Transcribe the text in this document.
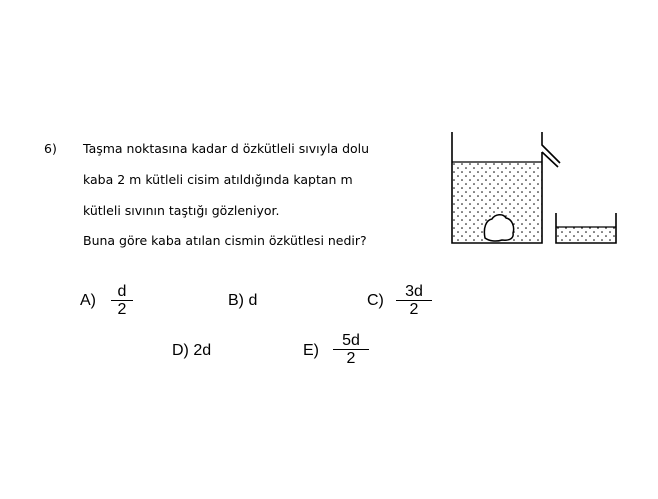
6) Taşma noktasına kadar d özkütleli sıvıyla dolu
kaba 2 m kütleli cisim atıldığında kaptan m
kütleli sıvının taştığı gözleniyor.
Buna göre kaba atılan cismin özkütlesi nedir?
A)
d
2
B) d	C)
3d
2
D) 2d	E)
5d
2
